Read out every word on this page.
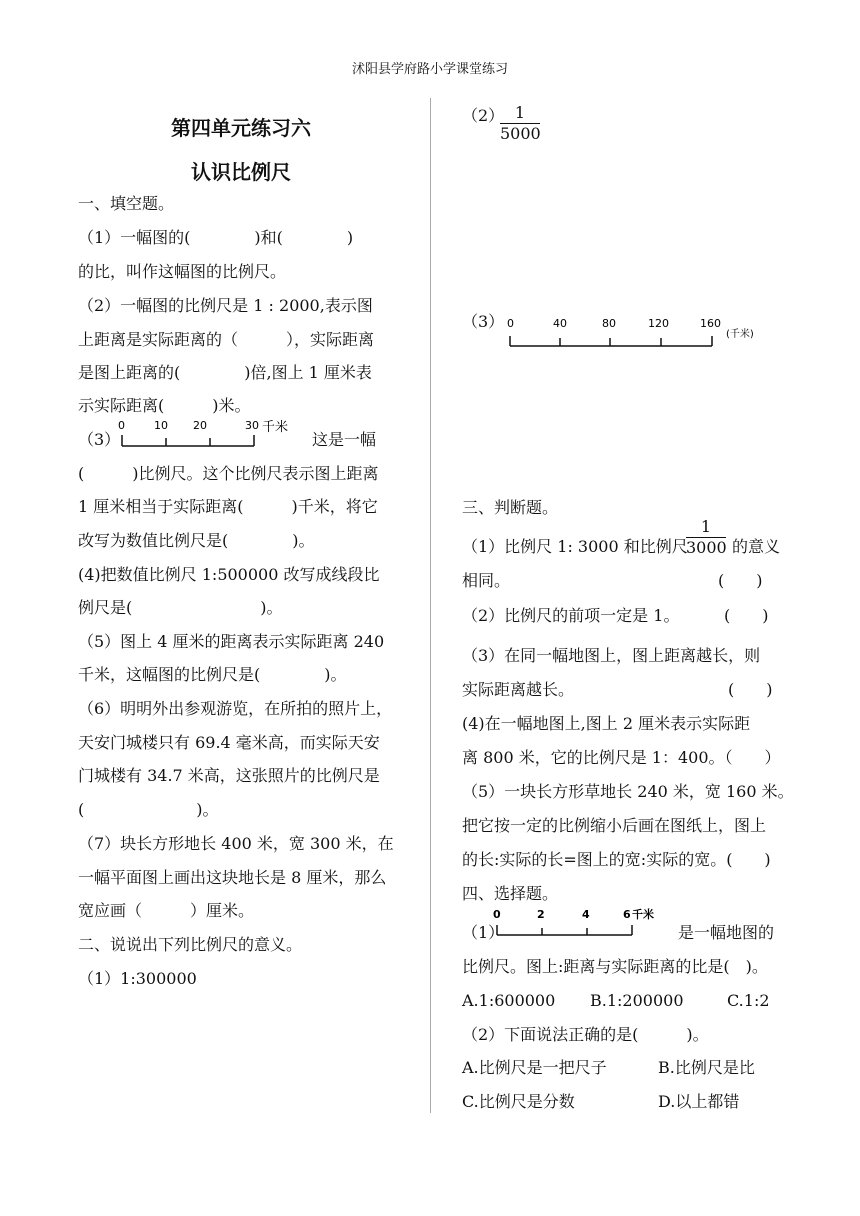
沭阳县学府路小学课堂练习
第四单元练习六
认识比例尺
一、填空题。
（1）一幅图的(　　　　)和(　　　　)
的比，叫作这幅图的比例尺。
（2）一幅图的比例尺是 1 : 2000,表示图
上距离是实际距离的（　　　），实际距离
是图上距离的(　　　　)倍,图上 1 厘米表
示实际距离(　　　)米。
（3）
0	10 20	30 千米
这是一幅
(　　　)比例尺。这个比例尺表示图上距离
1 厘米相当于实际距离(　　　)千米，将它
改写为数值比例尺是(　　　　)。
(4)把数值比例尺 1:500000 改写成线段比
例尺是(　　　　　　　　)。
（5）图上 4 厘米的距离表示实际距离 240
千米，这幅图的比例尺是(　　　　)。
（6）明明外出参观游览，在所拍的照片上，
天安门城楼只有 69.4 毫米高，而实际天安
门城楼有 34.7 米高，这张照片的比例尺是
(　　　　　　　)。
（7）块长方形地长 400 米，宽 300 米，在
一幅平面图上画出这块地长是 8 厘米，那么
宽应画（　　　）厘米。
二、说说出下列比例尺的意义。
（1）1:300000
（2） 1
5000
（3） 0	40	80	120	160
(千米)
三、判断题。
（1）比例尺 1: 3000 和比例尺
1
3000 的意义
相同。	(　　)
（2）比例尺的前项一定是 1。	(　　)
（3）在同一幅地图上，图上距离越长，则
实际距离越长。	(　　)
(4)在一幅地图上,图上 2 厘米表示实际距
离 800 米，它的比例尺是 1：400。（　　）
（5）一块长方形草地长 240 米，宽 160 米。
把它按一定的比例缩小后画在图纸上，图上
的长:实际的长=图上的宽:实际的宽。(　　)
四、选择题。
（1）
0	2	4	6 千米
是一幅地图的
比例尺。图上:距离与实际距离的比是(　)。
A.1:600000 B.1:200000	C.1:2
（2）下面说法正确的是(　　　)。
A.比例尺是一把尺子	B.比例尺是比
C.比例尺是分数	D.以上都错
